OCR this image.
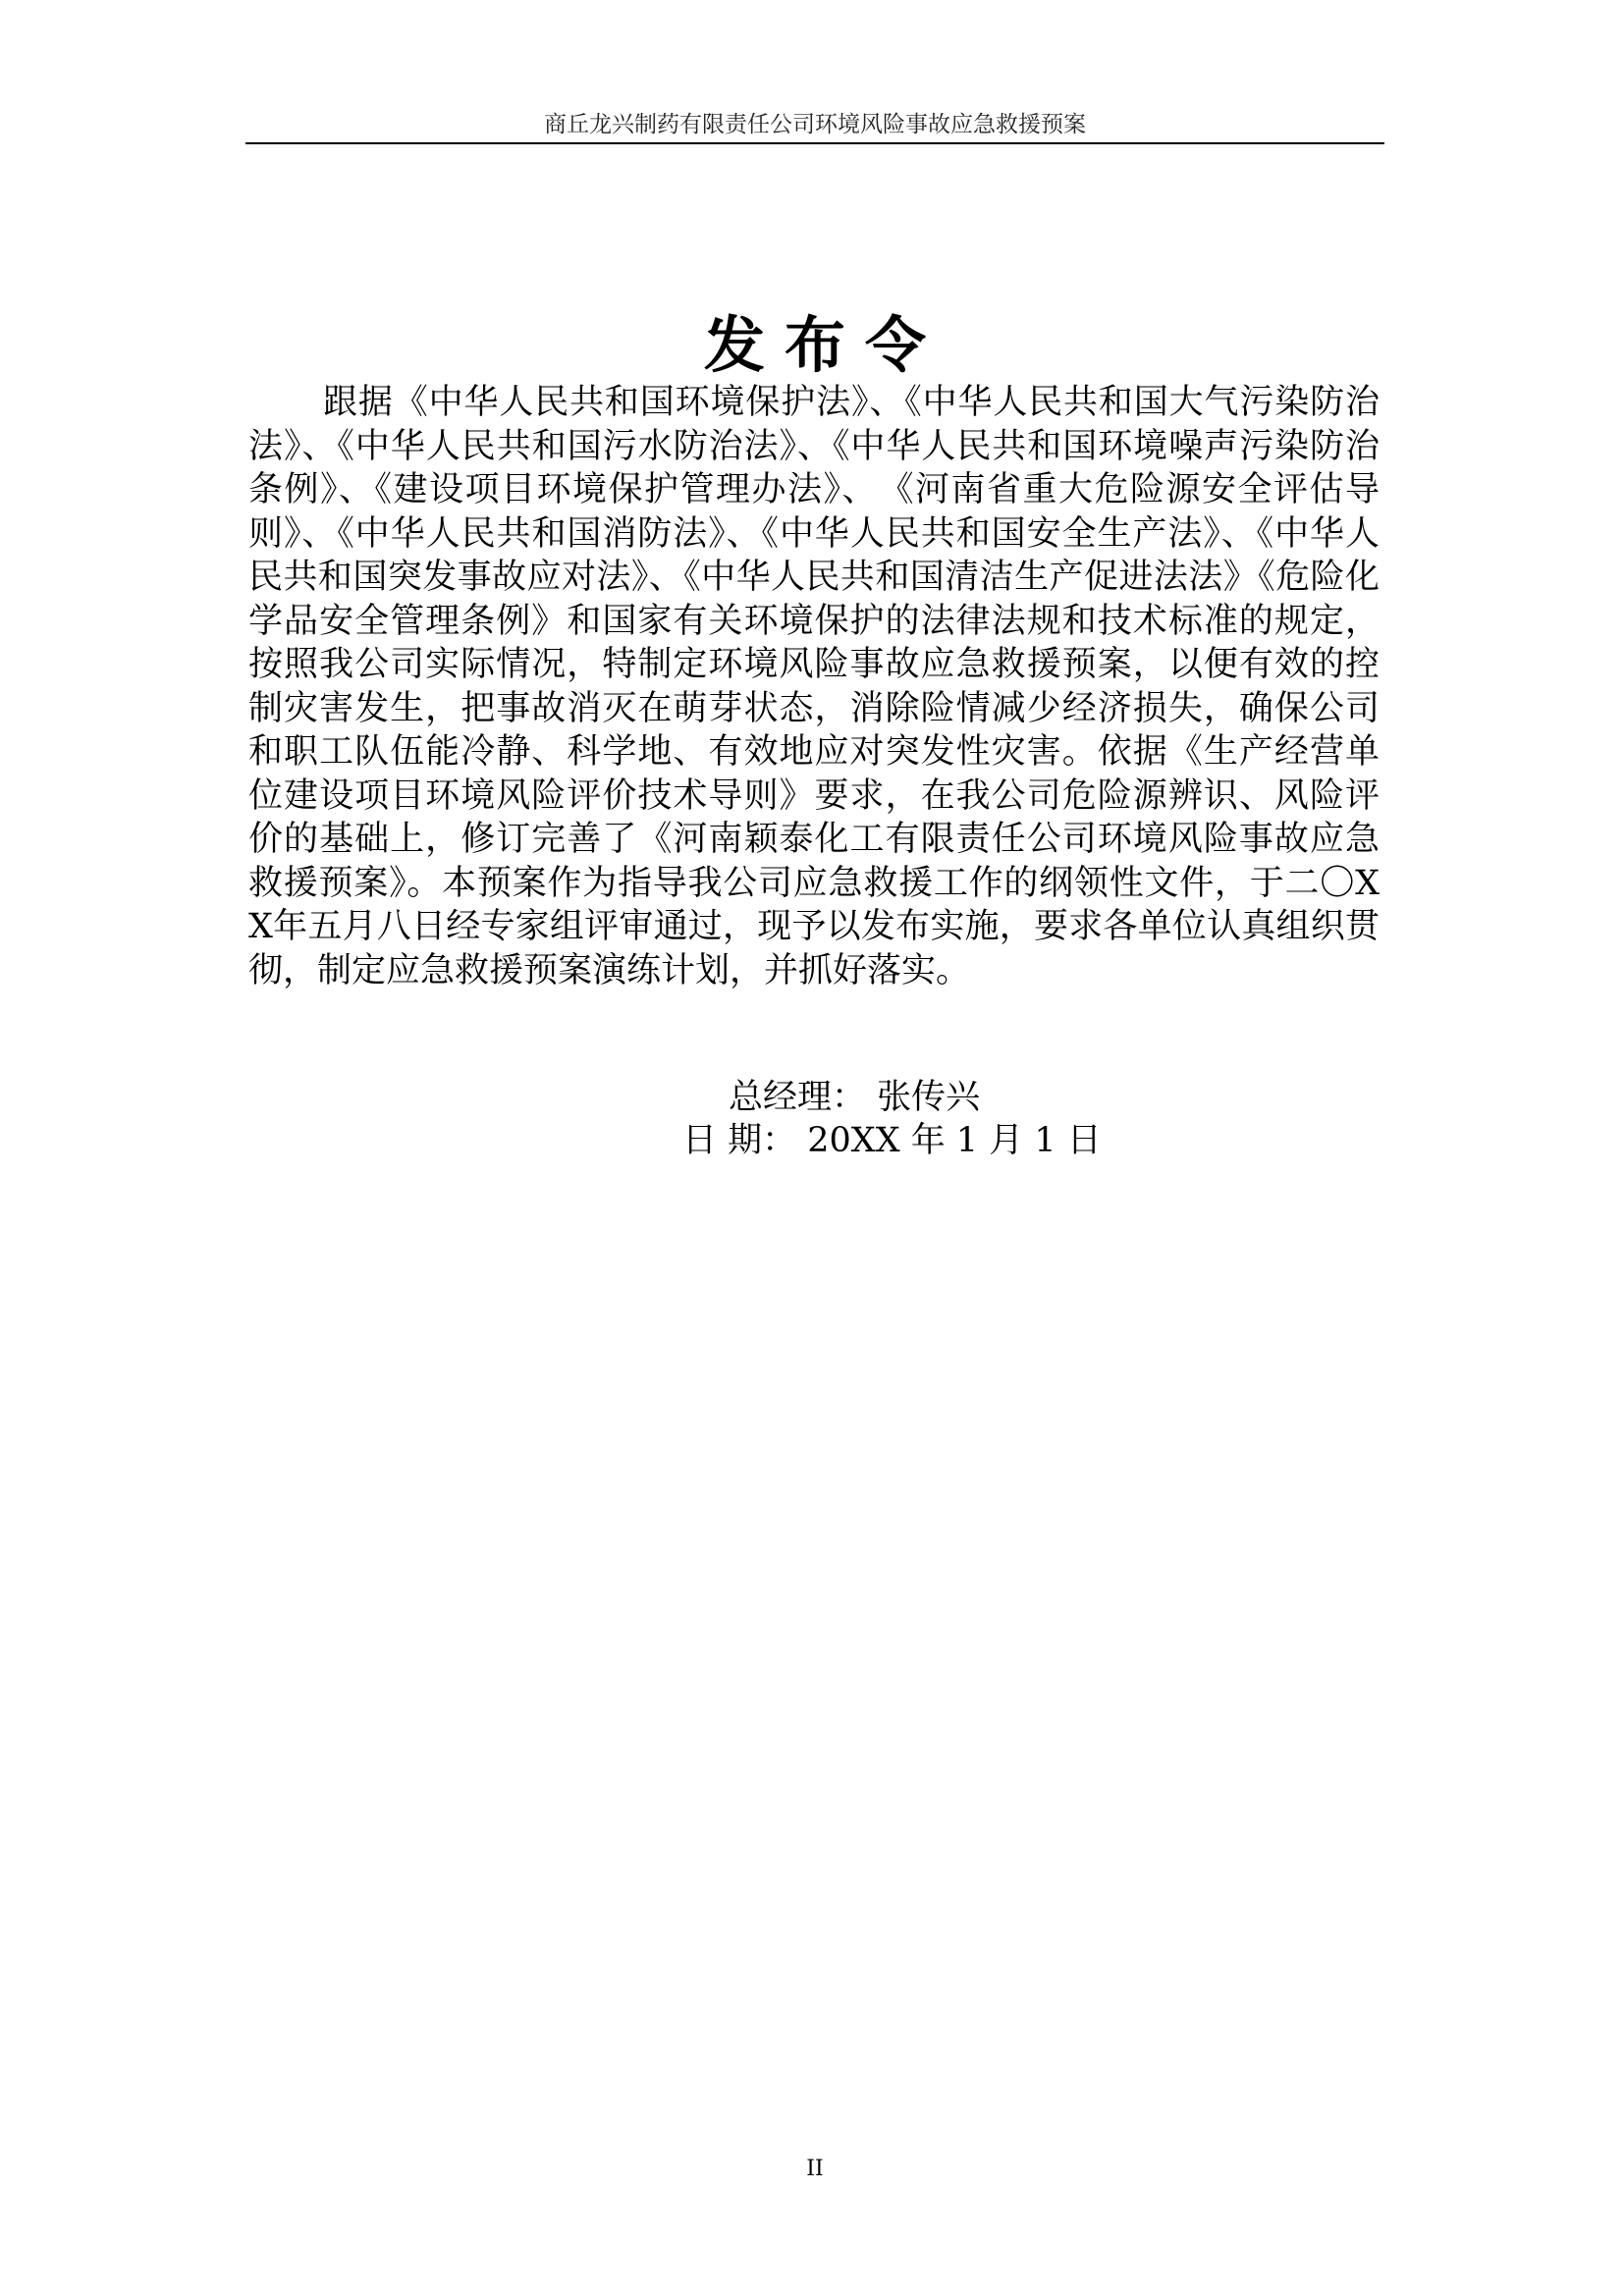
商丘龙兴制药有限责任公司环境风险事故应急救援预案
发布令

跟据《中华人民共和国环境保护法》、《中华人民共和国大气污染防治法》、《中华人民共和国污水防治法》、《中华人民共和国环境噪声污染防治条例》、《建设项目环境保护管理办法》、　《河南省重大危险源安全评估导则》、《中华人民共和国消防法》、《中华人民共和国安全生产法》、《中华人民共和国突发事故应对法》、《中华人民共和国清洁生产促进法法》《危险化学品安全管理条例》和国家有关环境保护的法律法规和技术标准的规定，按照我公司实际情况，特制定环境风险事故应急救援预案，以便有效的控制灾害发生，把事故消灭在萌芽状态，消除险情减少经济损失，确保公司和职工队伍能冷静、科学地、有效地应对突发性灾害。依据《生产经营单位建设项目环境风险评价技术导则》要求，在我公司危险源辨识、风险评价的基础上，修订完善了《河南颖泰化工有限责任公司环境风险事故应急救援预案》。本预案作为指导我公司应急救援工作的纲领性文件，于二〇XX年五月八日经专家组评审通过，现予以发布实施，要求各单位认真组织贯彻，制定应急救援预案演练计划，并抓好落实。

总经理： 张传兴

日 期： 20XX 年 1 月 1 日

II
